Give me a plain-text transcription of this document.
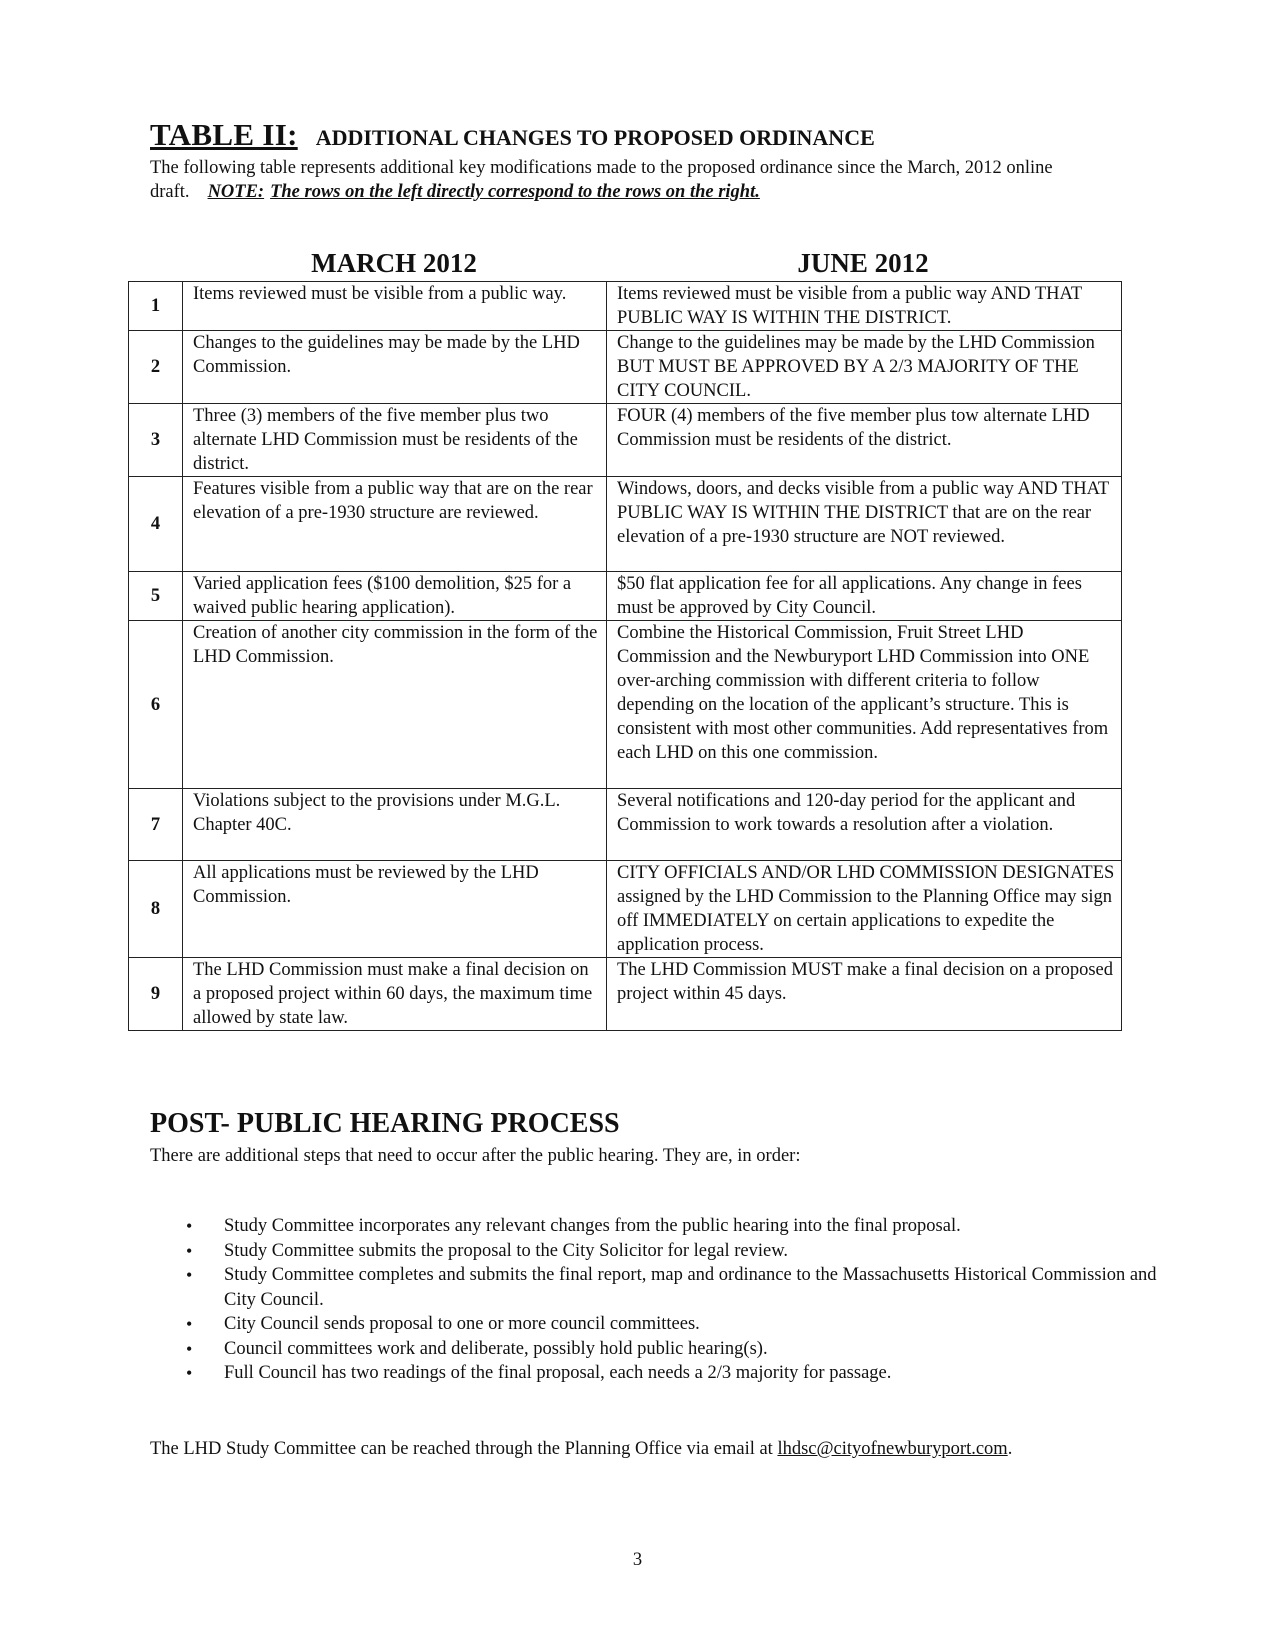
TABLE II: ADDITIONAL CHANGES TO PROPOSED ORDINANCE
The following table represents additional key modifications made to the proposed ordinance since the March, 2012 online draft. NOTE: The rows on the left directly correspond to the rows on the right.
MARCH 2012	JUNE 2012
1	Items reviewed must be visible from a public way.	Items reviewed must be visible from a public way AND THAT PUBLIC WAY IS WITHIN THE DISTRICT.
2	Changes to the guidelines may be made by the LHD Commission.	Change to the guidelines may be made by the LHD Commission BUT MUST BE APPROVED BY A 2/3 MAJORITY OF THE CITY COUNCIL.
3	Three (3) members of the five member plus two alternate LHD Commission must be residents of the district.	FOUR (4) members of the five member plus tow alternate LHD Commission must be residents of the district.
4	Features visible from a public way that are on the rear elevation of a pre-1930 structure are reviewed.	Windows, doors, and decks visible from a public way AND THAT PUBLIC WAY IS WITHIN THE DISTRICT that are on the rear elevation of a pre-1930 structure are NOT reviewed.
5	Varied application fees ($100 demolition, $25 for a waived public hearing application).	$50 flat application fee for all applications. Any change in fees must be approved by City Council.
6	Creation of another city commission in the form of the LHD Commission.	Combine the Historical Commission, Fruit Street LHD Commission and the Newburyport LHD Commission into ONE over-arching commission with different criteria to follow depending on the location of the applicant’s structure. This is consistent with most other communities. Add representatives from each LHD on this one commission.
7	Violations subject to the provisions under M.G.L. Chapter 40C.	Several notifications and 120-day period for the applicant and Commission to work towards a resolution after a violation.
8	All applications must be reviewed by the LHD Commission.	CITY OFFICIALS AND/OR LHD COMMISSION DESIGNATES assigned by the LHD Commission to the Planning Office may sign off IMMEDIATELY on certain applications to expedite the application process.
9	The LHD Commission must make a final decision on a proposed project within 60 days, the maximum time allowed by state law.	The LHD Commission MUST make a final decision on a proposed project within 45 days.
POST- PUBLIC HEARING PROCESS
There are additional steps that need to occur after the public hearing. They are, in order:
• Study Committee incorporates any relevant changes from the public hearing into the final proposal.
• Study Committee submits the proposal to the City Solicitor for legal review.
• Study Committee completes and submits the final report, map and ordinance to the Massachusetts Historical Commission and City Council.
• City Council sends proposal to one or more council committees.
• Council committees work and deliberate, possibly hold public hearing(s).
• Full Council has two readings of the final proposal, each needs a 2/3 majority for passage.
The LHD Study Committee can be reached through the Planning Office via email at lhdsc@cityofnewburyport.com.
3
